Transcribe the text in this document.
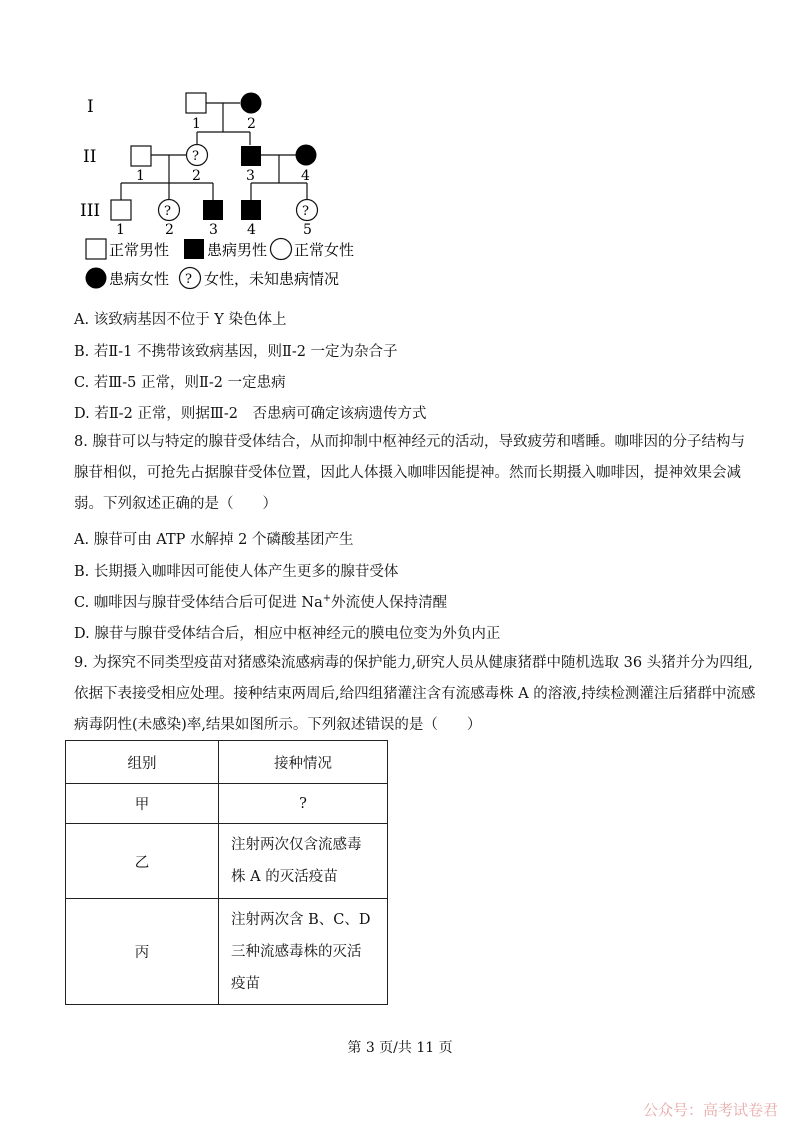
I
II
III
1	2
?
1	2	3	4
?	?
1	2	3 4	5
正常男性	患病男性 正常女性
患病女性 ? 女性，未知患病情况
A. 该致病基因不位于 Y 染色体上
B. 若Ⅱ-1 不携带该致病基因，则Ⅱ-2 一定为杂合子
C. 若Ⅲ-5 正常，则Ⅱ-2 一定患病
D. 若Ⅱ-2 正常，则据Ⅲ-2　否患病可确定该病遗传方式
8. 腺苷可以与特定的腺苷受体结合，从而抑制中枢神经元的活动，导致疲劳和嗜睡。咖啡因的分子结构与
腺苷相似，可抢先占据腺苷受体位置，因此人体摄入咖啡因能提神。然而长期摄入咖啡因，提神效果会减
弱。下列叙述正确的是（　　）
A. 腺苷可由 ATP 水解掉 2 个磷酸基团产生
B. 长期摄入咖啡因可能使人体产生更多的腺苷受体
C. 咖啡因与腺苷受体结合后可促进 Na+外流使人保持清醒
D. 腺苷与腺苷受体结合后，相应中枢神经元的膜电位变为外负内正
9. 为探究不同类型疫苗对猪感染流感病毒的保护能力,研究人员从健康猪群中随机选取 36 头猪并分为四组,
依据下表接受相应处理。接种结束两周后,给四组猪灌注含有流感毒株 A 的溶液,持续检测灌注后猪群中流感
病毒阴性(未感染)率,结果如图所示。下列叙述错误的是（　　）
组别	接种情况
甲	?
乙	注射两次仅含流感毒
株 A 的灭活疫苗

丙	注射两次含 B、C、D
三种流感毒株的灭活
疫苗
第 3 页/共 11 页
公众号：高考试卷君
